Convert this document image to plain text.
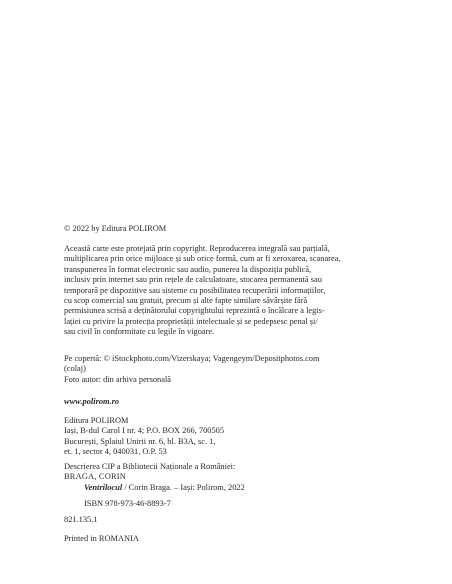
© 2022 by Editura POLIROM

Această carte este protejată prin copyright. Reproducerea integrală sau parțială,

multiplicarea prin orice mijloace și sub orice formă, cum ar fi xeroxarea, scanarea,

transpunerea în format electronic sau audio, punerea la dispoziția publică,

inclusiv prin internet sau prin rețele de calculatoare, stocarea permanentă sau

temporară pe dispozitive sau sisteme cu posibilitatea recuperării informațiilor,

cu scop comercial sau gratuit, precum și alte fapte similare săvârșite fără

permisiunea scrisă a deținătorului copyrightului reprezintă o încălcare a legis-

lației cu privire la protecția proprietății intelectuale și se pedepsesc penal și/

sau civil în conformitate cu legile în vigoare.

Pe copertă: © iStockphoto.com/Vizerskaya; Vagengeym/Depositphotos.com

(colaj)

Foto autor: din arhiva personală

www.polirom.ro

Editura POLIROM

Iași, B-dul Carol I nr. 4; P.O. BOX 266, 700505

București, Splaiul Unirii nr. 6, bl. B3A, sc. 1,

et. 1, sector 4, 040031, O.P. 53

Descrierea CIP a Bibliotecii Naționale a României:

BRAGA, CORIN

Ventrilocul / Corin Braga. – Iași: Polirom, 2022

ISBN 978-973-46-8893-7

821.135.1

Printed in ROMANIA
